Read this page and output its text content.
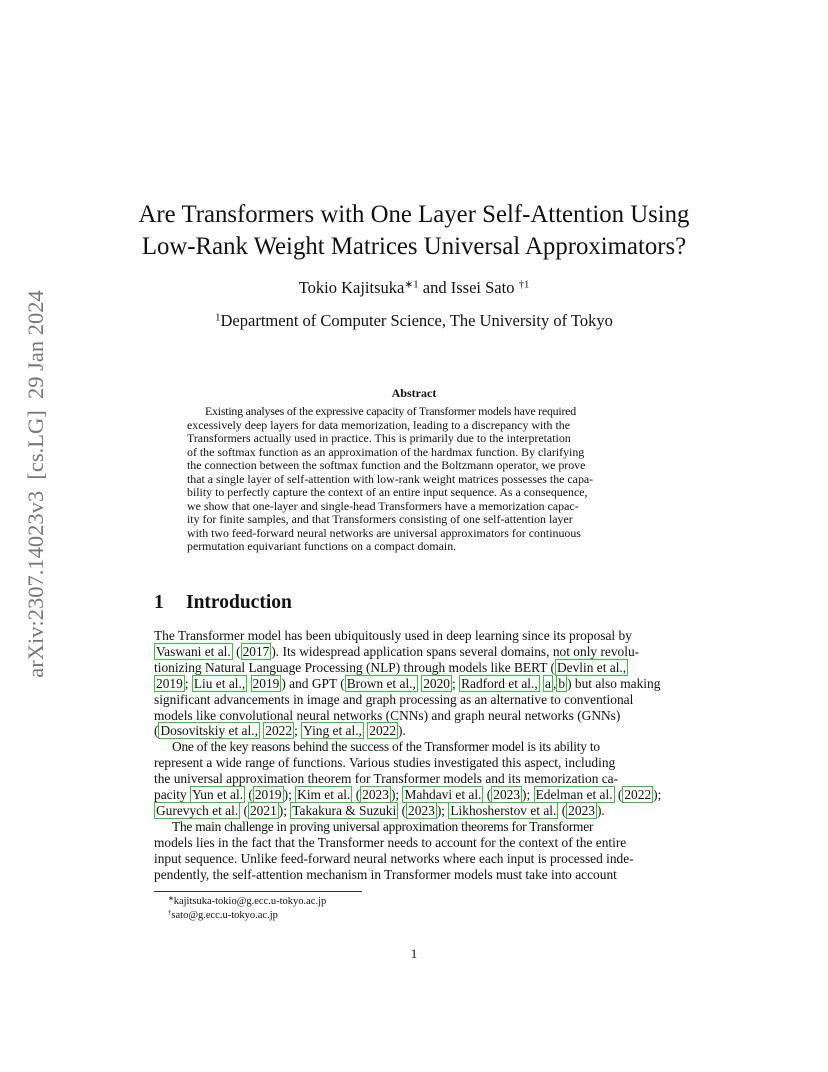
arXiv:2307.14023v3  [cs.LG]  29 Jan 2024
Are Transformers with One Layer Self-Attention Using
Low-Rank Weight Matrices Universal Approximators?
Tokio Kajitsuka$^{∗1}$ and Issei Sato $^{\dagger 1}$
$^1$Department of Computer Science, The University of Tokyo
Abstract
Existing analyses of the expressive capacity of Transformer models have required
excessively deep layers for data memorization, leading to a discrepancy with the
Transformers actually used in practice. This is primarily due to the interpretation
of the softmax function as an approximation of the hardmax function. By clarifying
the connection between the softmax function and the Boltzmann operator, we prove
that a single layer of self-attention with low-rank weight matrices possesses the capa-
bility to perfectly capture the context of an entire input sequence. As a consequence,
we show that one-layer and single-head Transformers have a memorization capac-
ity for finite samples, and that Transformers consisting of one self-attention layer
with two feed-forward neural networks are universal approximators for continuous
permutation equivariant functions on a compact domain.
1 Introduction
The Transformer model has been ubiquitously used in deep learning since its proposal by
Vaswani et al. ( 2017 ). Its widespread application spans several domains, not only revolu-
tionizing Natural Language Processing (NLP) through models like BERT ( Devlin et al.,
2019 ; Liu et al., 2019 ) and GPT ( Brown et al., 2020 ; Radford et al., a , b ) but also making
significant advancements in image and graph processing as an alternative to conventional
models like convolutional neural networks (CNNs) and graph neural networks (GNNs)
( Dosovitskiy et al., 2022 ; Ying et al., 2022 ).
One of the key reasons behind the success of the Transformer model is its ability to
represent a wide range of functions. Various studies investigated this aspect, including
the universal approximation theorem for Transformer models and its memorization ca-
pacity Yun et al. ( 2019 ); Kim et al. ( 2023 ); Mahdavi et al. ( 2023 ); Edelman et al. ( 2022 );
Gurevych et al. ( 2021 ); Takakura & Suzuki ( 2023 ); Likhosherstov et al. ( 2023 ).
The main challenge in proving universal approximation theorems for Transformer
models lies in the fact that the Transformer needs to account for the context of the entire
input sequence. Unlike feed-forward neural networks where each input is processed inde-
pendently, the self-attention mechanism in Transformer models must take into account
∗kajitsuka-tokio@g.ecc.u-tokyo.ac.jp
†sato@g.ecc.u-tokyo.ac.jp
1
